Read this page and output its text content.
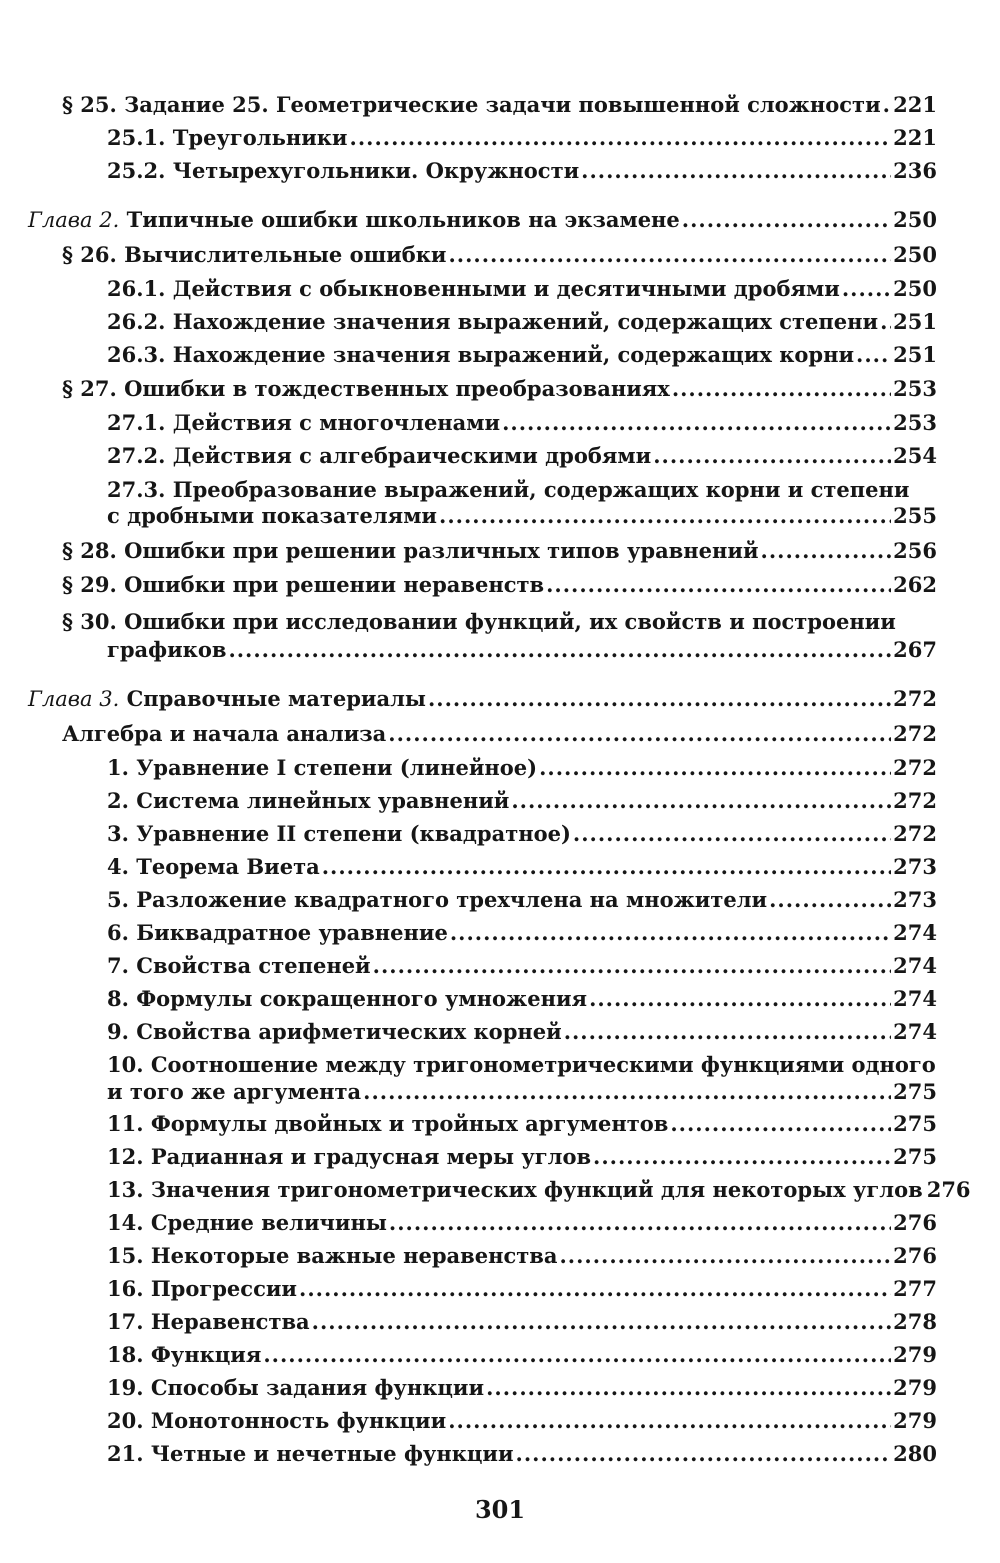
§ 25. Задание 25. Геометрические задачи повышенной сложности ..... 221
25.1. Треугольники .....	221
25.2. Четырехугольники. Окружности .....	236
Глава 2. Типичные ошибки школьников на экзамене .....	250
§ 26. Вычислительные ошибки .....	250
26.1. Действия с обыкновенными и десятичными дробями .....	250
26.2. Нахождение значения выражений, содержащих степени ..... 251
26.3. Нахождение значения выражений, содержащих корни ..... 251
§ 27. Ошибки в тождественных преобразованиях .....	253
27.1. Действия с многочленами .....	253
27.2. Действия с алгебраическими дробями .....	254
27.3. Преобразование выражений, содержащих корни и степени
с дробными показателями .....	255
§ 28. Ошибки при решении различных типов уравнений .....	256
§ 29. Ошибки при решении неравенств .....	262
§ 30. Ошибки при исследовании функций, их свойств и построении
графиков .....	267
Глава 3. Справочные материалы .....	272
Алгебра и начала анализа .....	272
1. Уравнение I степени (линейное) .....	272
2. Система линейных уравнений .....	272
3. Уравнение II степени (квадратное) .....	272
4. Теорема Виета .....	273
5. Разложение квадратного трехчлена на множители .....	273
6. Биквадратное уравнение .....	274
7. Свойства степеней .....	274
8. Формулы сокращенного умножения .....	274
9. Свойства арифметических корней .....	274
10. Соотношение между тригонометрическими функциями одного
и того же аргумента .....	275
11. Формулы двойных и тройных аргументов .....	275
12. Радианная и градусная меры углов .....	275
13. Значения тригонометрических функций для некоторых углов 276
14. Средние величины .....	276
15. Некоторые важные неравенства .....	276
16. Прогрессии .....	277
17. Неравенства .....	278
18. Функция .....	279
19. Способы задания функции .....	279
20. Монотонность функции .....	279
21. Четные и нечетные функции .....	280
301
